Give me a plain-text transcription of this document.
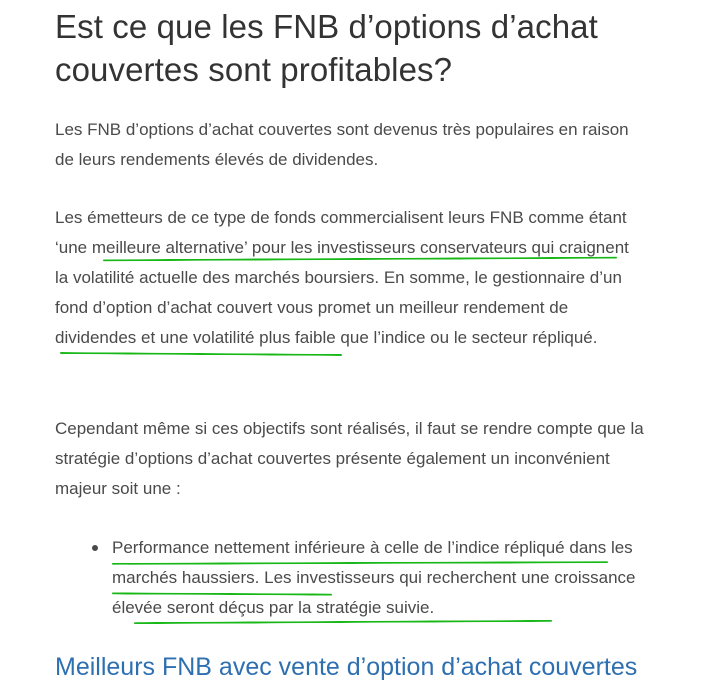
Est ce que les FNB d’options d’achat couvertes sont profitables?

Les FNB d’options d’achat couvertes sont devenus très populaires en raison de leurs rendements élevés de dividendes.

Les émetteurs de ce type de fonds commercialisent leurs FNB comme étant ‘une meilleure alternative’ pour les investisseurs conservateurs qui craignent la volatilité actuelle des marchés boursiers. En somme, le gestionnaire d’un fond d’option d’achat couvert vous promet un meilleur rendement de dividendes et une volatilité plus faible que l’indice ou le secteur répliqué.

Cependant même si ces objectifs sont réalisés, il faut se rendre compte que la stratégie d’options d’achat couvertes présente également un inconvénient majeur soit une :

Performance nettement inférieure à celle de l’indice répliqué dans les marchés haussiers. Les investisseurs qui recherchent une croissance élevée seront déçus par la stratégie suivie.
Meilleurs FNB avec vente d’option d’achat couvertes
